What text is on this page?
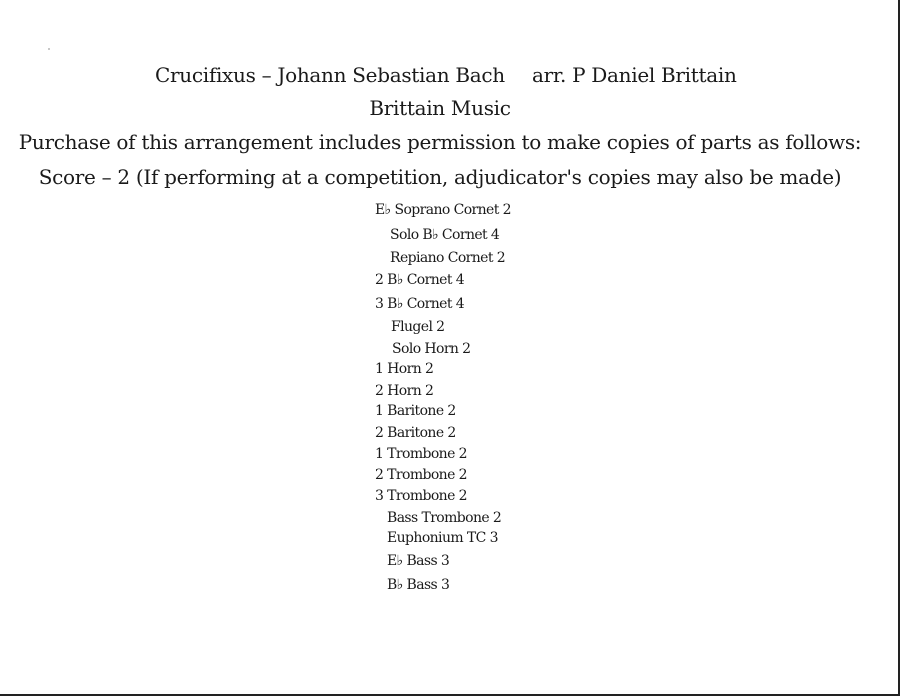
Crucifixus – Johann Sebastian Bach arr. P Daniel Brittain
Brittain Music
Purchase of this arrangement includes permission to make copies of parts as follows:
Score – 2 (If performing at a competition, adjudicator's copies may also be made)
E♭ Soprano Cornet 2
Solo B♭ Cornet 4
Repiano Cornet 2
2 B♭ Cornet 4
3 B♭ Cornet 4
Flugel 2
Solo Horn 2
1 Horn 2
2 Horn 2
1 Baritone 2
2 Baritone 2
1 Trombone 2
2 Trombone 2
3 Trombone 2
Bass Trombone 2
Euphonium TC 3
E♭ Bass 3
B♭ Bass 3
